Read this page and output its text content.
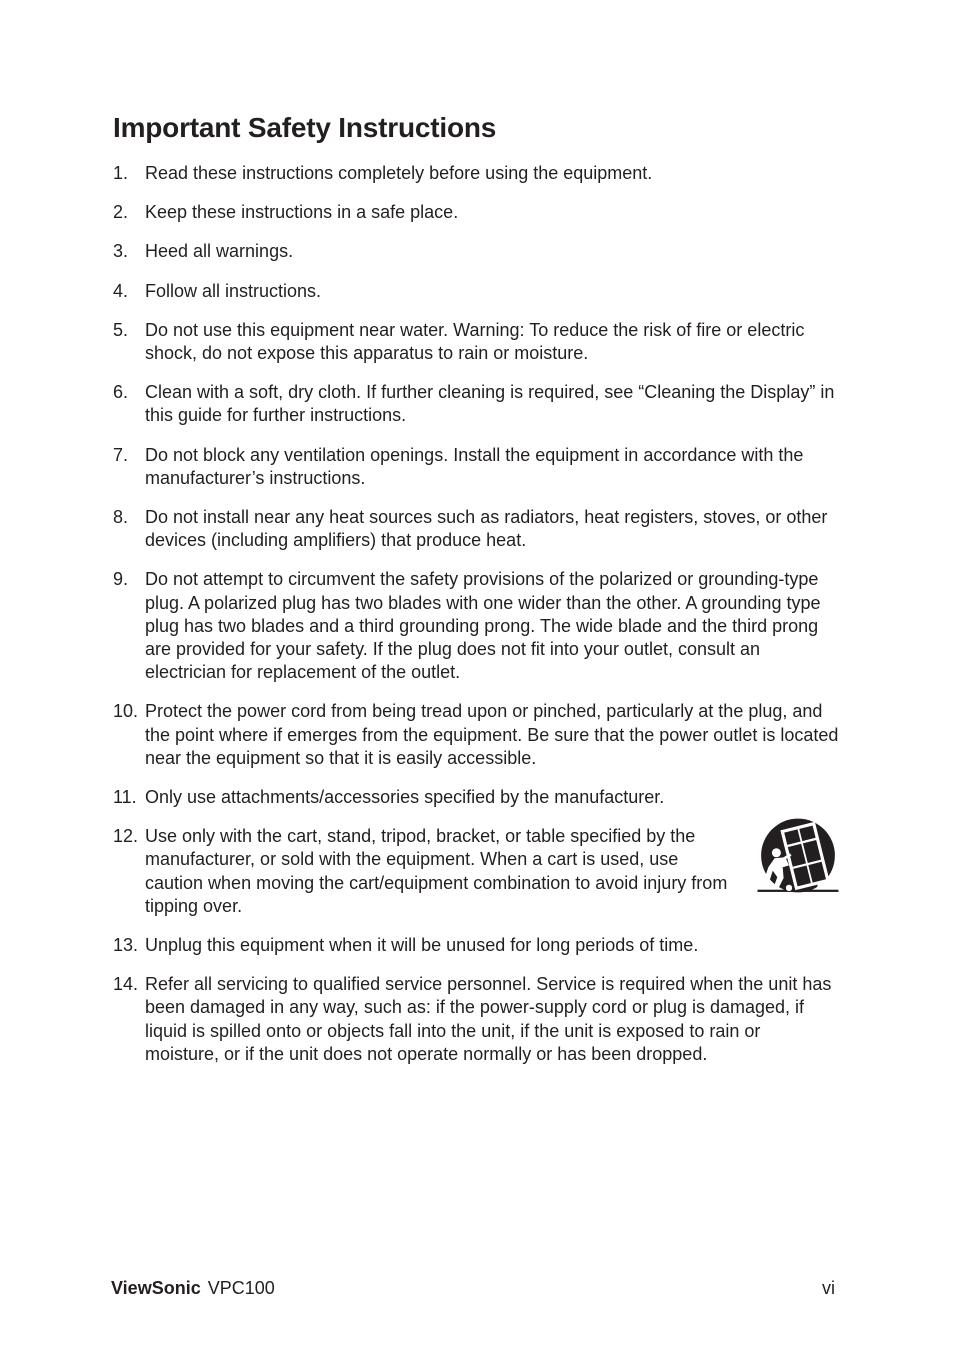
Important Safety Instructions
1. Read these instructions completely before using the equipment.
2. Keep these instructions in a safe place.
3. Heed all warnings.
4. Follow all instructions.
5. Do not use this equipment near water. Warning: To reduce the risk of fire or electric shock, do not expose this apparatus to rain or moisture.
6. Clean with a soft, dry cloth. If further cleaning is required, see “Cleaning the Display” in this guide for further instructions.
7. Do not block any ventilation openings. Install the equipment in accordance with the manufacturer’s instructions.
8. Do not install near any heat sources such as radiators, heat registers, stoves, or other devices (including amplifiers) that produce heat.
9. Do not attempt to circumvent the safety provisions of the polarized or grounding-type plug. A polarized plug has two blades with one wider than the other. A grounding type plug has two blades and a third grounding prong. The wide blade and the third prong are provided for your safety. If the plug does not fit into your outlet, consult an electrician for replacement of the outlet.
10. Protect the power cord from being tread upon or pinched, particularly at the plug, and the point where if emerges from the equipment. Be sure that the power outlet is located near the equipment so that it is easily accessible.
11. Only use attachments/accessories specified by the manufacturer.
12. Use only with the cart, stand, tripod, bracket, or table specified by the manufacturer, or sold with the equipment. When a cart is used, use caution when moving the cart/equipment combination to avoid injury from tipping over.
13. Unplug this equipment when it will be unused for long periods of time.
14. Refer all servicing to qualified service personnel. Service is required when the unit has been damaged in any way, such as: if the power-supply cord or plug is damaged, if liquid is spilled onto or objects fall into the unit, if the unit is exposed to rain or moisture, or if the unit does not operate normally or has been dropped.
ViewSonic VPC100	vi
